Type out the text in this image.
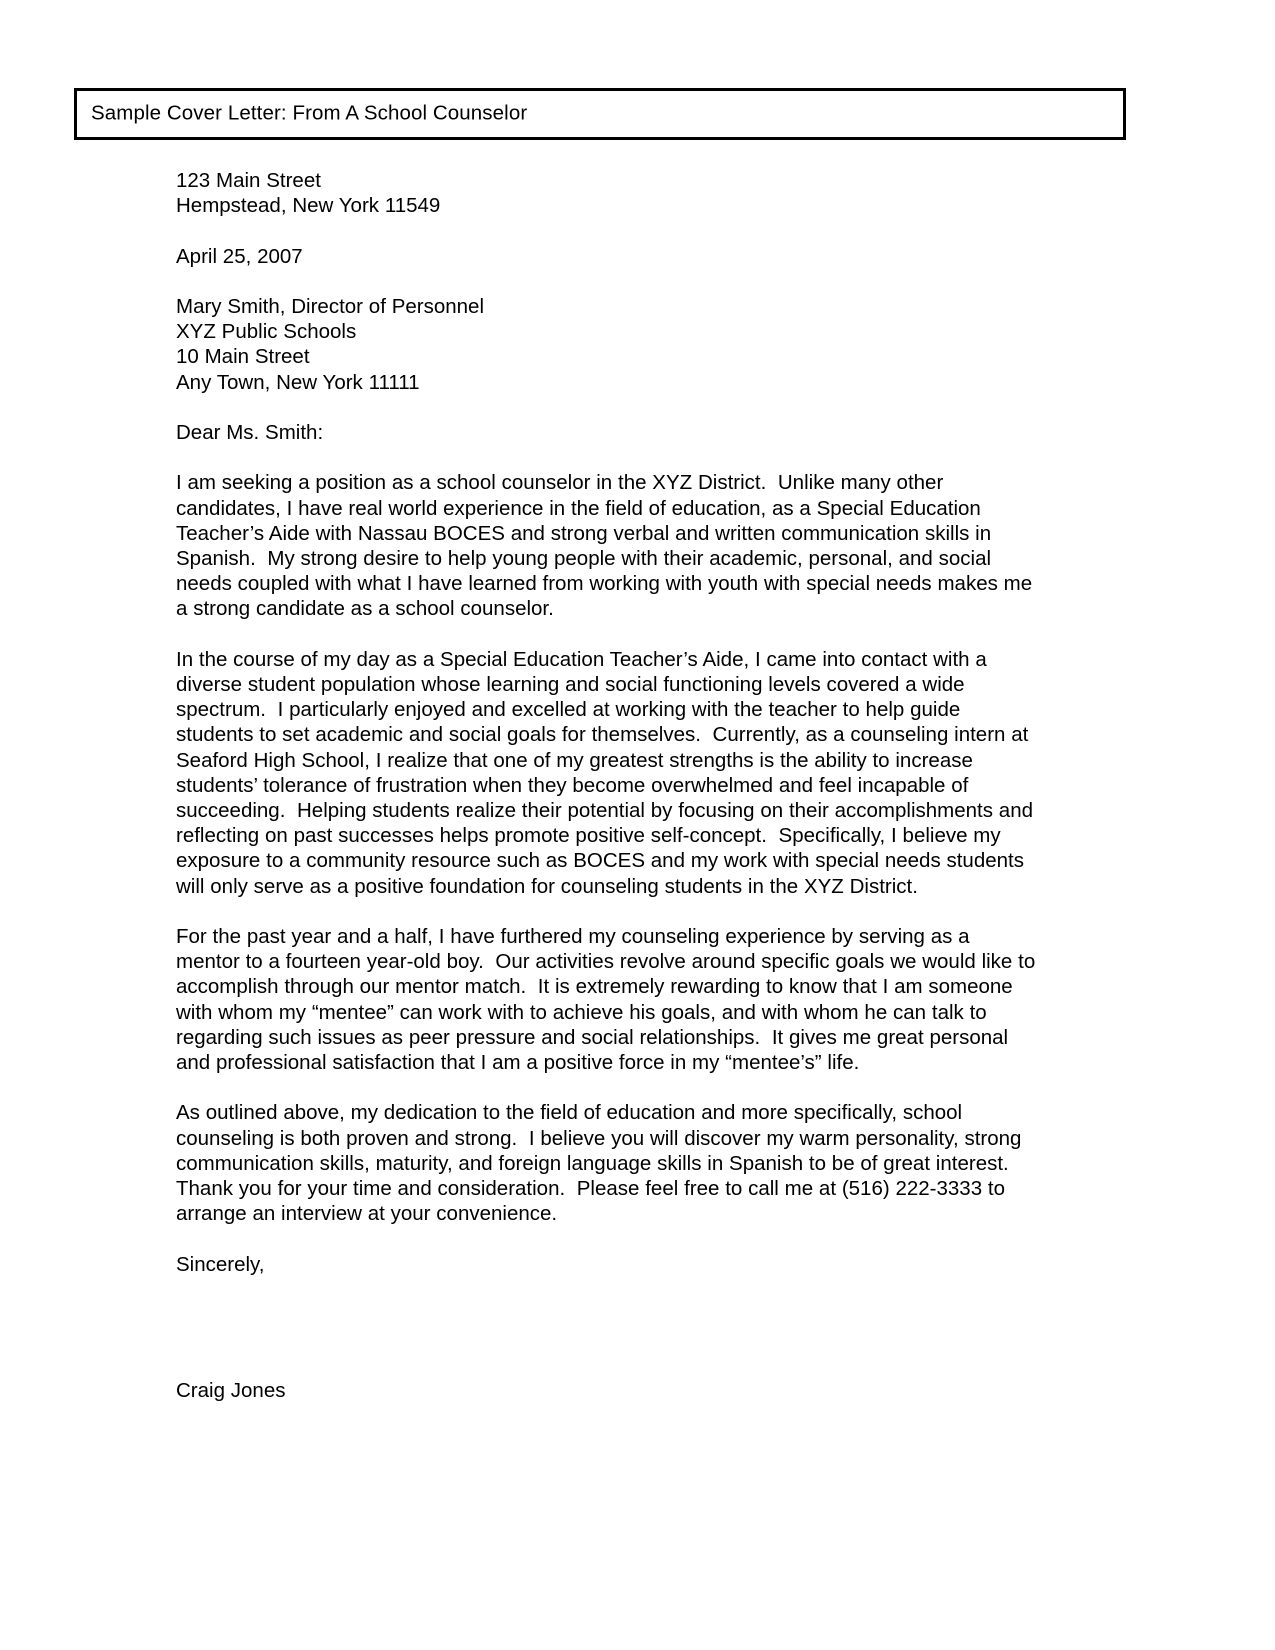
Sample Cover Letter: From A School Counselor
123 Main Street
Hempstead, New York 11549
April 25, 2007
Mary Smith, Director of Personnel
XYZ Public Schools
10 Main Street
Any Town, New York 11111
Dear Ms. Smith:
I am seeking a position as a school counselor in the XYZ District.  Unlike many other candidates, I have real world experience in the field of education, as a Special Education Teacher’s Aide with Nassau BOCES and strong verbal and written communication skills in Spanish.  My strong desire to help young people with their academic, personal, and social needs coupled with what I have learned from working with youth with special needs makes me a strong candidate as a school counselor.
In the course of my day as a Special Education Teacher’s Aide, I came into contact with a diverse student population whose learning and social functioning levels covered a wide spectrum.  I particularly enjoyed and excelled at working with the teacher to help guide students to set academic and social goals for themselves.  Currently, as a counseling intern at Seaford High School, I realize that one of my greatest strengths is the ability to increase students’ tolerance of frustration when they become overwhelmed and feel incapable of succeeding.  Helping students realize their potential by focusing on their accomplishments and reflecting on past successes helps promote positive self-concept.  Specifically, I believe my exposure to a community resource such as BOCES and my work with special needs students will only serve as a positive foundation for counseling students in the XYZ District.
For the past year and a half, I have furthered my counseling experience by serving as a mentor to a fourteen year-old boy.  Our activities revolve around specific goals we would like to accomplish through our mentor match.  It is extremely rewarding to know that I am someone with whom my “mentee” can work with to achieve his goals, and with whom he can talk to regarding such issues as peer pressure and social relationships.  It gives me great personal and professional satisfaction that I am a positive force in my “mentee’s” life.
As outlined above, my dedication to the field of education and more specifically, school counseling is both proven and strong.  I believe you will discover my warm personality, strong communication skills, maturity, and foreign language skills in Spanish to be of great interest.  Thank you for your time and consideration.  Please feel free to call me at (516) 222-3333 to arrange an interview at your convenience.
Sincerely,
Craig Jones
